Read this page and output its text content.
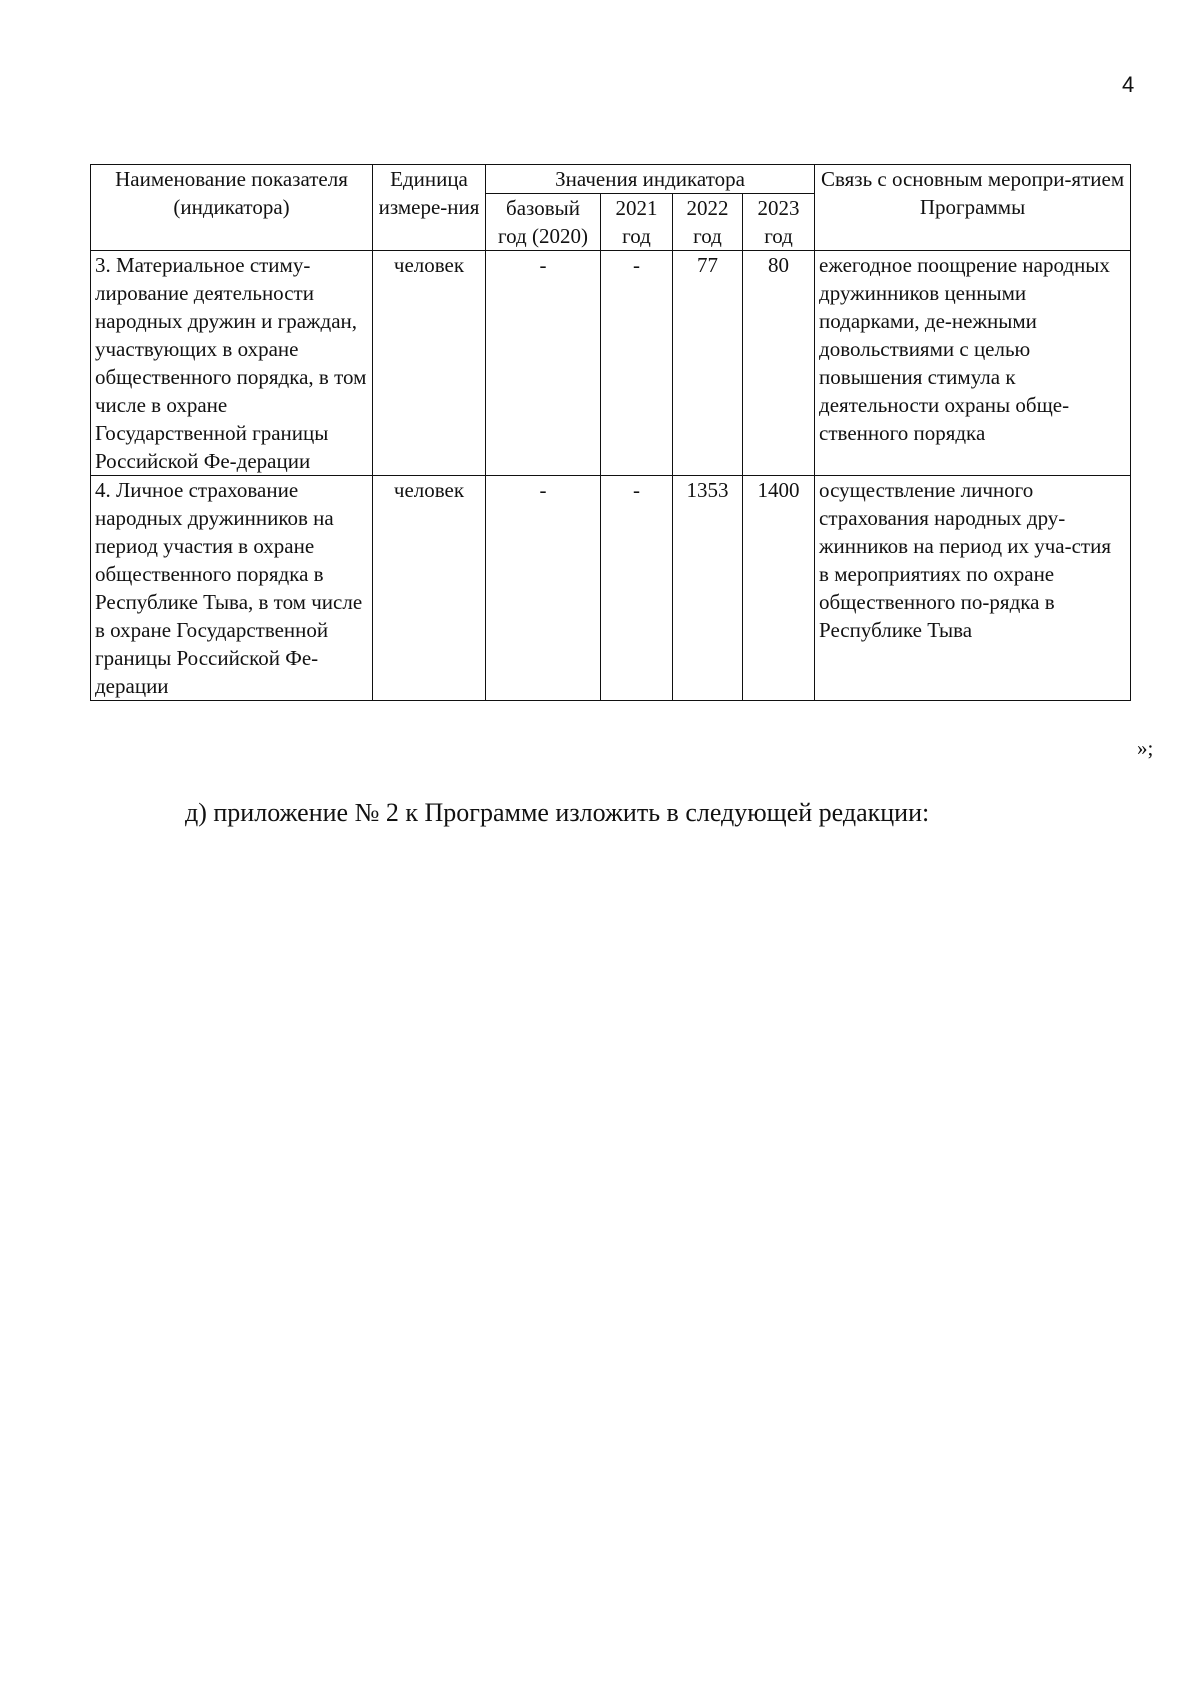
4
Наименование показателя (индикатора)	Единица измере-ния	Значения индикатора				Связь с основным меропри-ятием Программы
		базовый год (2020)	2021 год	2022 год	2023 год	
3. Материальное стиму-лирование деятельности народных дружин и граждан, участвующих в охране общественного порядка, в том числе в охране Государственной границы Российской Фе-дерации	человек	-	-	77	80	ежегодное поощрение народных дружинников ценными подарками, де-нежными довольствиями с целью повышения стимула к деятельности охраны обще-ственного порядка
4. Личное страхование народных дружинников на период участия в охране общественного порядка в Республике Тыва, в том числе в охране Государственной границы Российской Фе-дерации	человек	-	-	1353	1400	осуществление личного страхования народных дру-жинников на период их уча-стия в мероприятиях по охране общественного по-рядка в Республике Тыва
»;
д) приложение № 2 к Программе изложить в следующей редакции:
